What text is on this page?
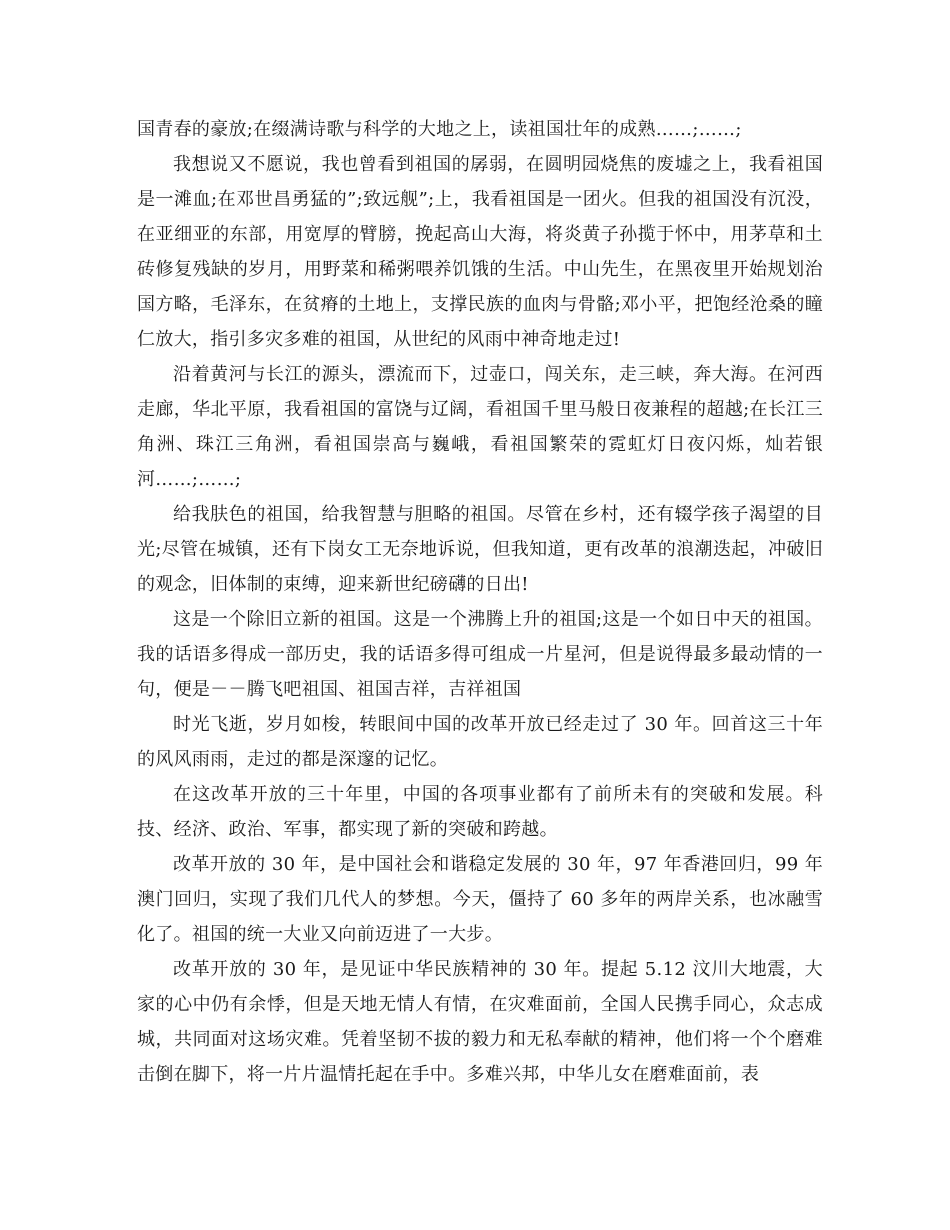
国青春的豪放;在缀满诗歌与科学的大地之上，读祖国壮年的成熟……;……;

我想说又不愿说，我也曾看到祖国的孱弱，在圆明园烧焦的废墟之上，我看祖国是一滩血;在邓世昌勇猛的”;致远舰”;上，我看祖国是一团火。但我的祖国没有沉没，在亚细亚的东部，用宽厚的臂膀，挽起高山大海，将炎黄子孙揽于怀中，用茅草和土砖修复残缺的岁月，用野菜和稀粥喂养饥饿的生活。中山先生，在黑夜里开始规划治国方略，毛泽东，在贫瘠的土地上，支撑民族的血肉与骨骼;邓小平，把饱经沧桑的瞳仁放大，指引多灾多难的祖国，从世纪的风雨中神奇地走过!

沿着黄河与长江的源头，漂流而下，过壶口，闯关东，走三峡，奔大海。在河西走廊，华北平原，我看祖国的富饶与辽阔，看祖国千里马般日夜兼程的超越;在长江三角洲、珠江三角洲，看祖国崇高与巍峨，看祖国繁荣的霓虹灯日夜闪烁，灿若银河……;……;

给我肤色的祖国，给我智慧与胆略的祖国。尽管在乡村，还有辍学孩子渴望的目光;尽管在城镇，还有下岗女工无奈地诉说，但我知道，更有改革的浪潮迭起，冲破旧的观念，旧体制的束缚，迎来新世纪磅礴的日出!

这是一个除旧立新的祖国。这是一个沸腾上升的祖国;这是一个如日中天的祖国。我的话语多得成一部历史，我的话语多得可组成一片星河，但是说得最多最动情的一句，便是－－腾飞吧祖国、祖国吉祥，吉祥祖国

时光飞逝，岁月如梭，转眼间中国的改革开放已经走过了 30 年。回首这三十年的风风雨雨，走过的都是深邃的记忆。

在这改革开放的三十年里，中国的各项事业都有了前所未有的突破和发展。科技、经济、政治、军事，都实现了新的突破和跨越。

改革开放的 30 年，是中国社会和谐稳定发展的 30 年，97 年香港回归，99 年澳门回归，实现了我们几代人的梦想。今天，僵持了 60 多年的两岸关系，也冰融雪化了。祖国的统一大业又向前迈进了一大步。

改革开放的 30 年，是见证中华民族精神的 30 年。提起 5.12 汶川大地震，大家的心中仍有余悸，但是天地无情人有情，在灾难面前，全国人民携手同心，众志成城，共同面对这场灾难。凭着坚韧不拔的毅力和无私奉献的精神，他们将一个个磨难击倒在脚下，将一片片温情托起在手中。多难兴邦，中华儿女在磨难面前，表
